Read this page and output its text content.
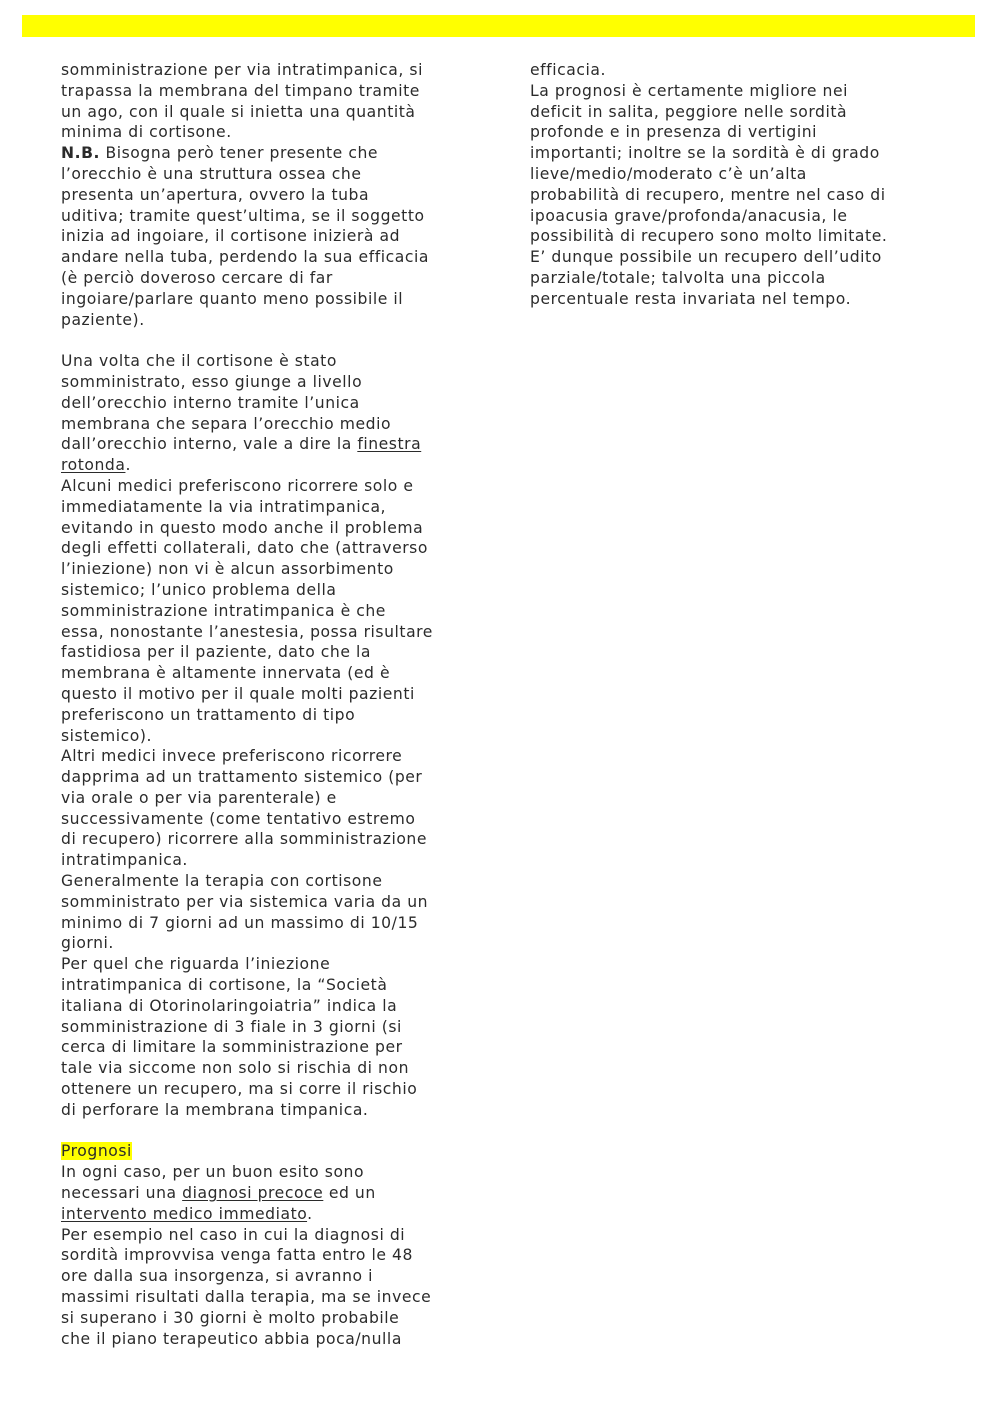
somministrazione per via intratimpanica, si
trapassa la membrana del timpano tramite
un ago, con il quale si inietta una quantità
minima di cortisone.
N.B. Bisogna però tener presente che
l’orecchio è una struttura ossea che
presenta un’apertura, ovvero la tuba
uditiva; tramite quest’ultima, se il soggetto
inizia ad ingoiare, il cortisone inizierà ad
andare nella tuba, perdendo la sua efficacia
(è perciò doveroso cercare di far
ingoiare/parlare quanto meno possibile il
paziente).
Una volta che il cortisone è stato
somministrato, esso giunge a livello
dell’orecchio interno tramite l’unica
membrana che separa l’orecchio medio
dall’orecchio interno, vale a dire la finestra
rotonda.
Alcuni medici preferiscono ricorrere solo e
immediatamente la via intratimpanica,
evitando in questo modo anche il problema
degli effetti collaterali, dato che (attraverso
l’iniezione) non vi è alcun assorbimento
sistemico; l’unico problema della
somministrazione intratimpanica è che
essa, nonostante l’anestesia, possa risultare
fastidiosa per il paziente, dato che la
membrana è altamente innervata (ed è
questo il motivo per il quale molti pazienti
preferiscono un trattamento di tipo
sistemico).
Altri medici invece preferiscono ricorrere
dapprima ad un trattamento sistemico (per
via orale o per via parenterale) e
successivamente (come tentativo estremo
di recupero) ricorrere alla somministrazione
intratimpanica.
Generalmente la terapia con cortisone
somministrato per via sistemica varia da un
minimo di 7 giorni ad un massimo di 10/15
giorni.
Per quel che riguarda l’iniezione
intratimpanica di cortisone, la “Società
italiana di Otorinolaringoiatria” indica la
somministrazione di 3 fiale in 3 giorni (si
cerca di limitare la somministrazione per
tale via siccome non solo si rischia di non
ottenere un recupero, ma si corre il rischio
di perforare la membrana timpanica.
Prognosi
In ogni caso, per un buon esito sono
necessari una diagnosi precoce ed un
intervento medico immediato.
Per esempio nel caso in cui la diagnosi di
sordità improvvisa venga fatta entro le 48
ore dalla sua insorgenza, si avranno i
massimi risultati dalla terapia, ma se invece
si superano i 30 giorni è molto probabile
che il piano terapeutico abbia poca/nulla
efficacia.
La prognosi è certamente migliore nei
deficit in salita, peggiore nelle sordità
profonde e in presenza di vertigini
importanti; inoltre se la sordità è di grado
lieve/medio/moderato c’è un’alta
probabilità di recupero, mentre nel caso di
ipoacusia grave/profonda/anacusia, le
possibilità di recupero sono molto limitate.
E’ dunque possibile un recupero dell’udito
parziale/totale; talvolta una piccola
percentuale resta invariata nel tempo.
